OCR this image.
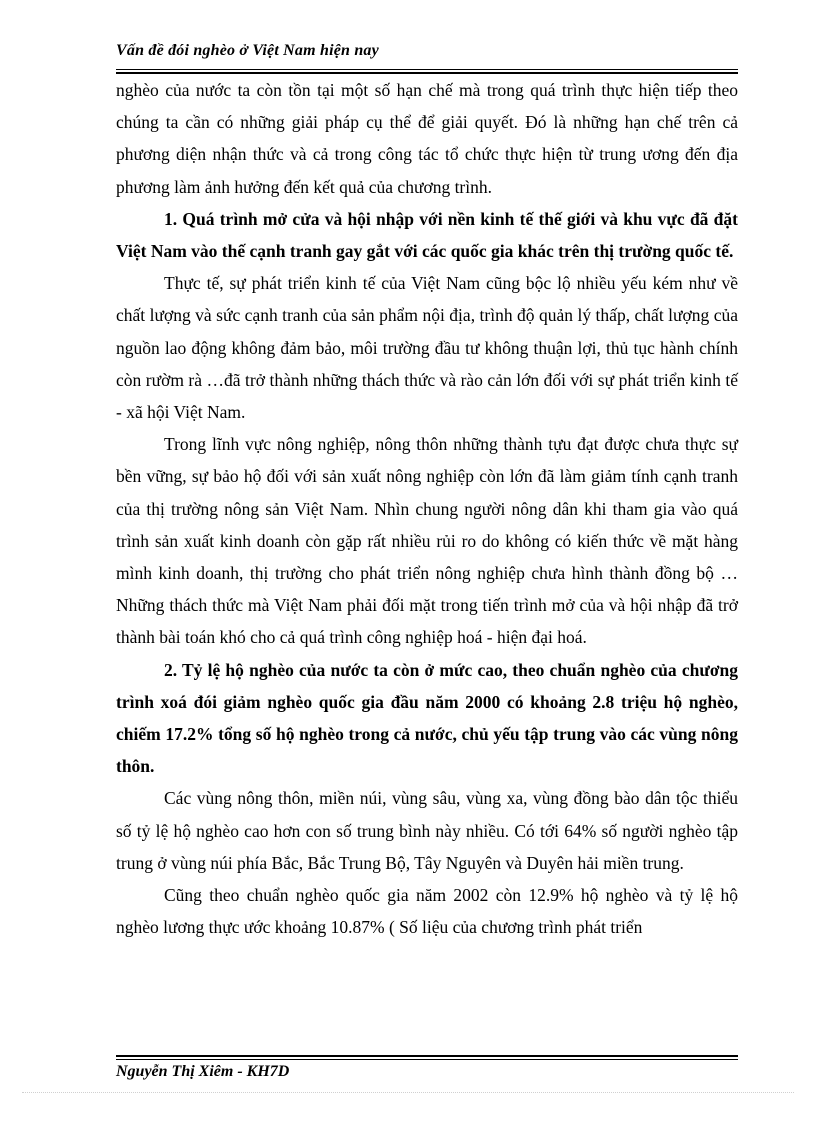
Vấn đề đói nghèo ở Việt Nam hiện nay

nghèo của nước ta còn tồn tại một số hạn chế mà trong quá trình thực hiện tiếp theo chúng ta cần có những giải pháp cụ thể để giải quyết. Đó là những hạn chế trên cả phương diện nhận thức và cả trong công tác tổ chức thực hiện từ trung ương đến địa phương làm ảnh hưởng đến kết quả của chương trình.

1. Quá trình mở cửa và hội nhập với nền kinh tế thế giới và khu vực đã đặt Việt Nam vào thế cạnh tranh gay gắt với các quốc gia khác trên thị trường quốc tế.

Thực tế, sự phát triển kinh tế của Việt Nam cũng bộc lộ nhiều yếu kém như về chất lượng và sức cạnh tranh của sản phẩm nội địa, trình độ quản lý thấp, chất lượng của nguồn lao động không đảm bảo, môi trường đầu tư không thuận lợi, thủ tục hành chính còn rườm rà …đã trở thành những thách thức và rào cản lớn đối với sự phát triển kinh tế - xã hội Việt Nam.

Trong lĩnh vực nông nghiệp, nông thôn những thành tựu đạt được chưa thực sự bền vững, sự bảo hộ đối với sản xuất nông nghiệp còn lớn đã làm giảm tính cạnh tranh của thị trường nông sản Việt Nam. Nhìn chung người nông dân khi tham gia vào quá trình sản xuất kinh doanh còn gặp rất nhiều rủi ro do không có kiến thức về mặt hàng mình kinh doanh, thị trường cho phát triển nông nghiệp chưa hình thành đồng bộ …Những thách thức mà Việt Nam phải đối mặt trong tiến trình mở của và hội nhập đã trở thành bài toán khó cho cả quá trình công nghiệp hoá - hiện đại hoá.

2. Tỷ lệ hộ nghèo của nước ta còn ở mức cao, theo chuẩn nghèo của chương trình xoá đói giảm nghèo quốc gia đầu năm 2000 có khoảng 2.8 triệu hộ nghèo, chiếm 17.2% tổng số hộ nghèo trong cả nước, chủ yếu tập trung vào các vùng nông thôn.

Các vùng nông thôn, miền núi, vùng sâu, vùng xa, vùng đồng bào dân tộc thiểu số tỷ lệ hộ nghèo cao hơn con số trung bình này nhiều. Có tới 64% số người nghèo tập trung ở vùng núi phía Bắc, Bắc Trung Bộ, Tây Nguyên và Duyên hải miền trung.

Cũng theo chuẩn nghèo quốc gia năm 2002 còn 12.9% hộ nghèo và tỷ lệ hộ nghèo lương thực ước khoảng 10.87% ( Số liệu của chương trình phát triển

Nguyễn Thị Xiêm - KH7D
